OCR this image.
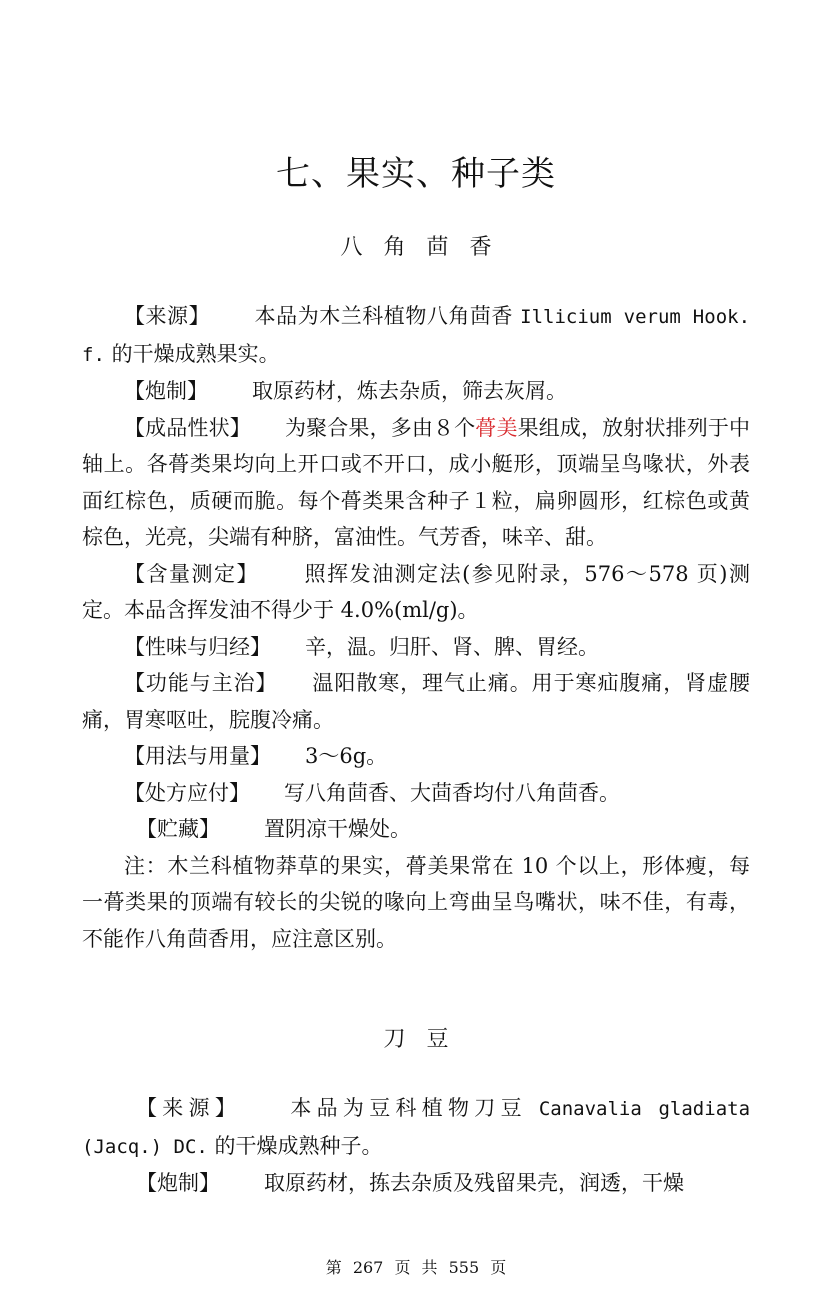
七、果实、种子类
八 角 茴 香

【来源】 本品为木兰科植物八角茴香 Illicium verum Hook. f. 的干燥成熟果实。

【炮制】 取原药材，炼去杂质，筛去灰屑。

【成品性状】 为聚合果，多由８个蓇美果组成，放射状排列于中轴上。各蓇类果均向上开口或不开口，成小艇形，顶端呈鸟喙状，外表面红棕色，质硬而脆。每个蓇类果含种子１粒，扁卵圆形，红棕色或黄棕色，光亮，尖端有种脐，富油性。气芳香，味辛、甜。

【含量测定】 照挥发油测定法(参见附录，576～578 页)测定。本品含挥发油不得少于 4.0%(ml/g)。

【性味与归经】 辛，温。归肝、肾、脾、胃经。

【功能与主治】 温阳散寒，理气止痛。用于寒疝腹痛，肾虚腰痛，胃寒呕吐，脘腹冷痛。

【用法与用量】 3～6g。

【处方应付】 写八角茴香、大茴香均付八角茴香。

【贮藏】 置阴凉干燥处。

注：木兰科植物莽草的果实，蓇美果常在 10 个以上，形体瘦，每一蓇类果的顶端有较长的尖锐的喙向上弯曲呈鸟嘴状，味不佳，有毒，不能作八角茴香用，应注意区别。

刀 豆

【来源】 本品为豆科植物刀豆 Canavalia gladiata (Jacq.) DC. 的干燥成熟种子。

【炮制】 取原药材，拣去杂质及残留果壳，润透，干燥

第 267 页 共 555 页
